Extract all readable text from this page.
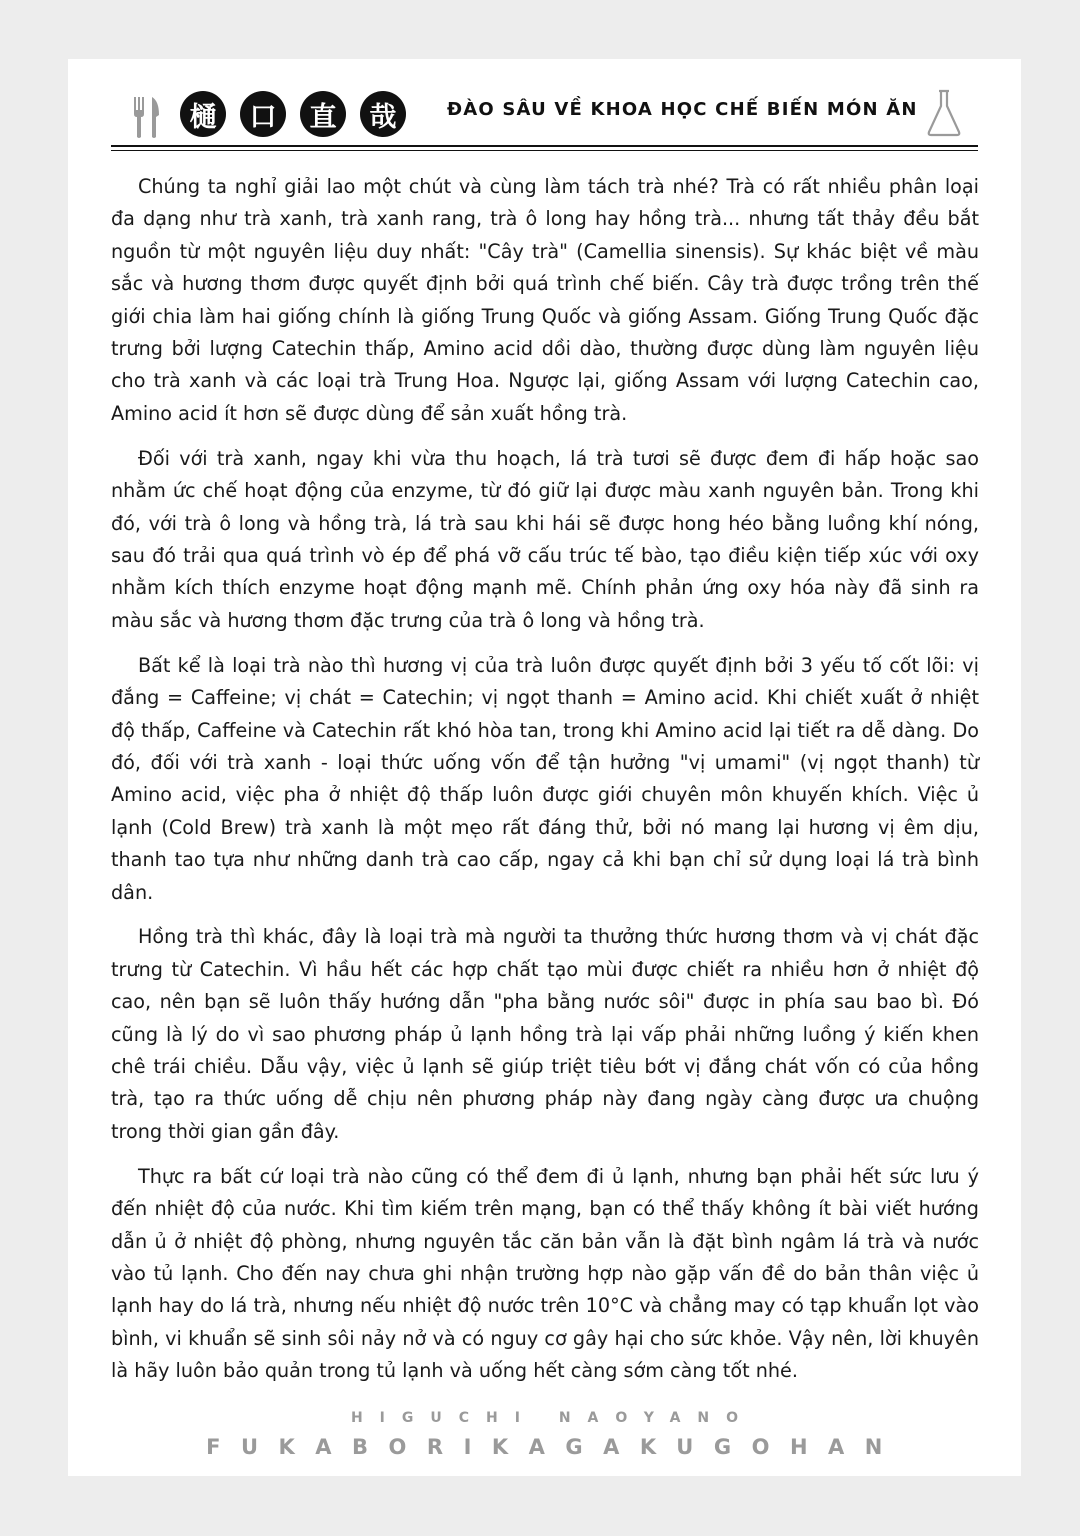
樋	口	直	哉	ĐÀO SÂU VỀ KHOA HỌC CHẾ BIẾN MÓN ĂN

Chúng ta nghỉ giải lao một chút và cùng làm tách trà nhé? Trà có rất nhiều phân loại đa dạng như trà xanh, trà xanh rang, trà ô long hay hồng trà... nhưng tất thảy đều bắt nguồn từ một nguyên liệu duy nhất: "Cây trà" (Camellia sinensis). Sự khác biệt về màu sắc và hương thơm được quyết định bởi quá trình chế biến. Cây trà được trồng trên thế giới chia làm hai giống chính là giống Trung Quốc và giống Assam. Giống Trung Quốc đặc trưng bởi lượng Catechin thấp, Amino acid dồi dào, thường được dùng làm nguyên liệu cho trà xanh và các loại trà Trung Hoa. Ngược lại, giống Assam với lượng Catechin cao, Amino acid ít hơn sẽ được dùng để sản xuất hồng trà.

Đối với trà xanh, ngay khi vừa thu hoạch, lá trà tươi sẽ được đem đi hấp hoặc sao nhằm ức chế hoạt động của enzyme, từ đó giữ lại được màu xanh nguyên bản. Trong khi đó, với trà ô long và hồng trà, lá trà sau khi hái sẽ được hong héo bằng luồng khí nóng, sau đó trải qua quá trình vò ép để phá vỡ cấu trúc tế bào, tạo điều kiện tiếp xúc với oxy nhằm kích thích enzyme hoạt động mạnh mẽ. Chính phản ứng oxy hóa này đã sinh ra màu sắc và hương thơm đặc trưng của trà ô long và hồng trà.

Bất kể là loại trà nào thì hương vị của trà luôn được quyết định bởi 3 yếu tố cốt lõi: vị đắng = Caffeine; vị chát = Catechin; vị ngọt thanh = Amino acid. Khi chiết xuất ở nhiệt độ thấp, Caffeine và Catechin rất khó hòa tan, trong khi Amino acid lại tiết ra dễ dàng. Do đó, đối với trà xanh - loại thức uống vốn để tận hưởng "vị umami" (vị ngọt thanh) từ Amino acid, việc pha ở nhiệt độ thấp luôn được giới chuyên môn khuyến khích. Việc ủ lạnh (Cold Brew) trà xanh là một mẹo rất đáng thử, bởi nó mang lại hương vị êm dịu, thanh tao tựa như những danh trà cao cấp, ngay cả khi bạn chỉ sử dụng loại lá trà bình dân.

Hồng trà thì khác, đây là loại trà mà người ta thưởng thức hương thơm và vị chát đặc trưng từ Catechin. Vì hầu hết các hợp chất tạo mùi được chiết ra nhiều hơn ở nhiệt độ cao, nên bạn sẽ luôn thấy hướng dẫn "pha bằng nước sôi" được in phía sau bao bì. Đó cũng là lý do vì sao phương pháp ủ lạnh hồng trà lại vấp phải những luồng ý kiến khen chê trái chiều. Dẫu vậy, việc ủ lạnh sẽ giúp triệt tiêu bớt vị đắng chát vốn có của hồng trà, tạo ra thức uống dễ chịu nên phương pháp này đang ngày càng được ưa chuộng trong thời gian gần đây.

Thực ra bất cứ loại trà nào cũng có thể đem đi ủ lạnh, nhưng bạn phải hết sức lưu ý đến nhiệt độ của nước. Khi tìm kiếm trên mạng, bạn có thể thấy không ít bài viết hướng dẫn ủ ở nhiệt độ phòng, nhưng nguyên tắc căn bản vẫn là đặt bình ngâm lá trà và nước vào tủ lạnh. Cho đến nay chưa ghi nhận trường hợp nào gặp vấn đề do bản thân việc ủ lạnh hay do lá trà, nhưng nếu nhiệt độ nước trên 10°C và chẳng may có tạp khuẩn lọt vào bình, vi khuẩn sẽ sinh sôi nảy nở và có nguy cơ gây hại cho sức khỏe. Vậy nên, lời khuyên là hãy luôn bảo quản trong tủ lạnh và uống hết càng sớm càng tốt nhé.

HIGUCHI NAOYANO
FUKABORIKAGAKUGOHAN
